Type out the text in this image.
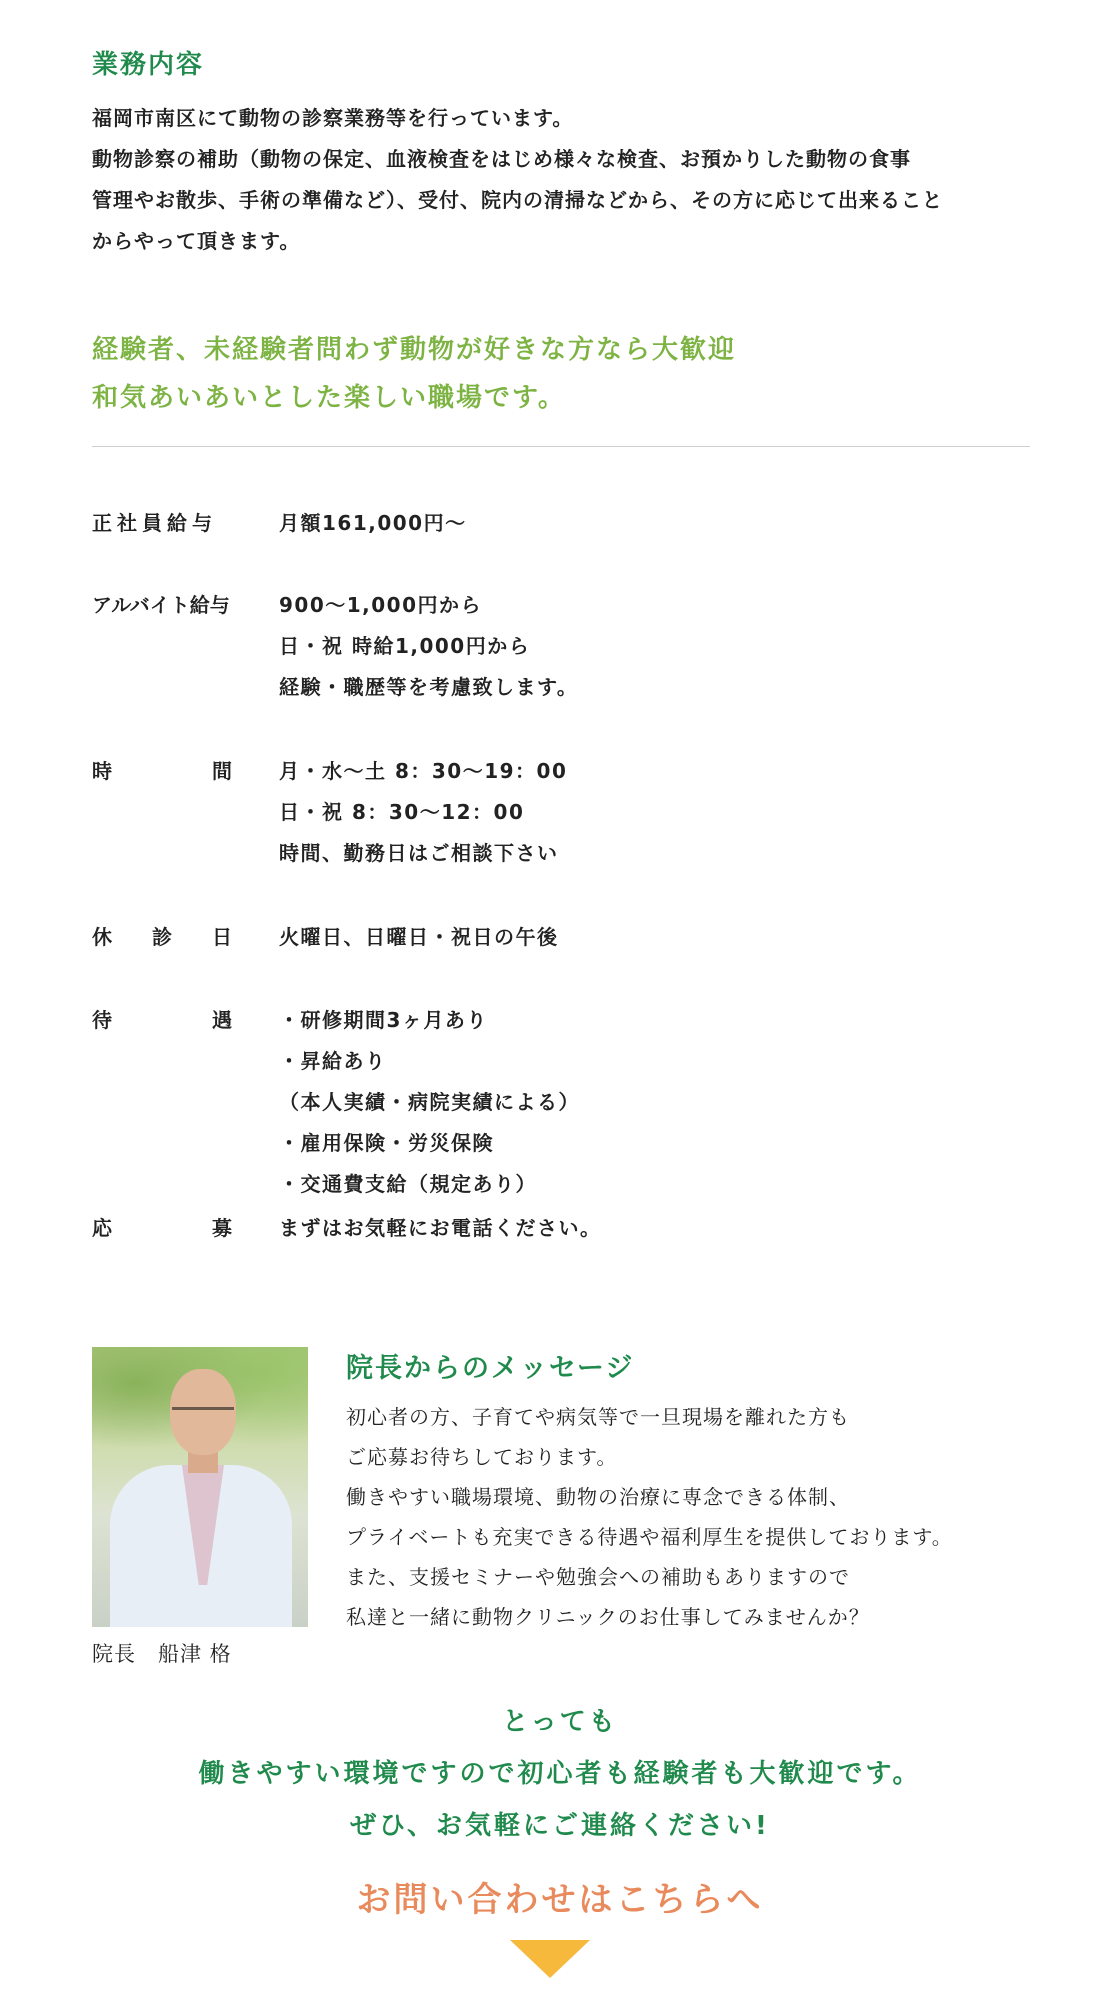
業務内容

福岡市南区にて動物の診察業務等を行っています。

動物診察の補助（動物の保定、血液検査をはじめ様々な検査、お預かりした動物の食事

管理やお散歩、手術の準備など）、受付、院内の清掃などから、その方に応じて出来ること

からやって頂きます。

経験者、未経験者問わず動物が好きな方なら大歓迎

和気あいあいとした楽しい職場です。

正社員給与	月額161,000円～
アルバイト給与 900～1,000円から
日・祝 時給1,000円から
経験・職歴等を考慮致します。
時間 月・水～土 8：30～19：00
日・祝 8：30～12：00
時間、勤務日はご相談下さい
休診日 火曜日、日曜日・祝日の午後
待遇 ・研修期間3ヶ月あり
・昇給あり
（本人実績・病院実績による）
・雇用保険・労災保険
・交通費支給（規定あり）
応募 まずはお気軽にお電話ください。
院長　船津 格
院長からのメッセージ

初心者の方、子育てや病気等で一旦現場を離れた方も

ご応募お待ちしております。

働きやすい職場環境、動物の治療に専念できる体制、

プライベートも充実できる待遇や福利厚生を提供しております。

また、支援セミナーや勉強会への補助もありますので

私達と一緒に動物クリニックのお仕事してみませんか？

とっても

働きやすい環境ですので初心者も経験者も大歓迎です。

ぜひ、お気軽にご連絡ください!

お問い合わせはこちらへ
